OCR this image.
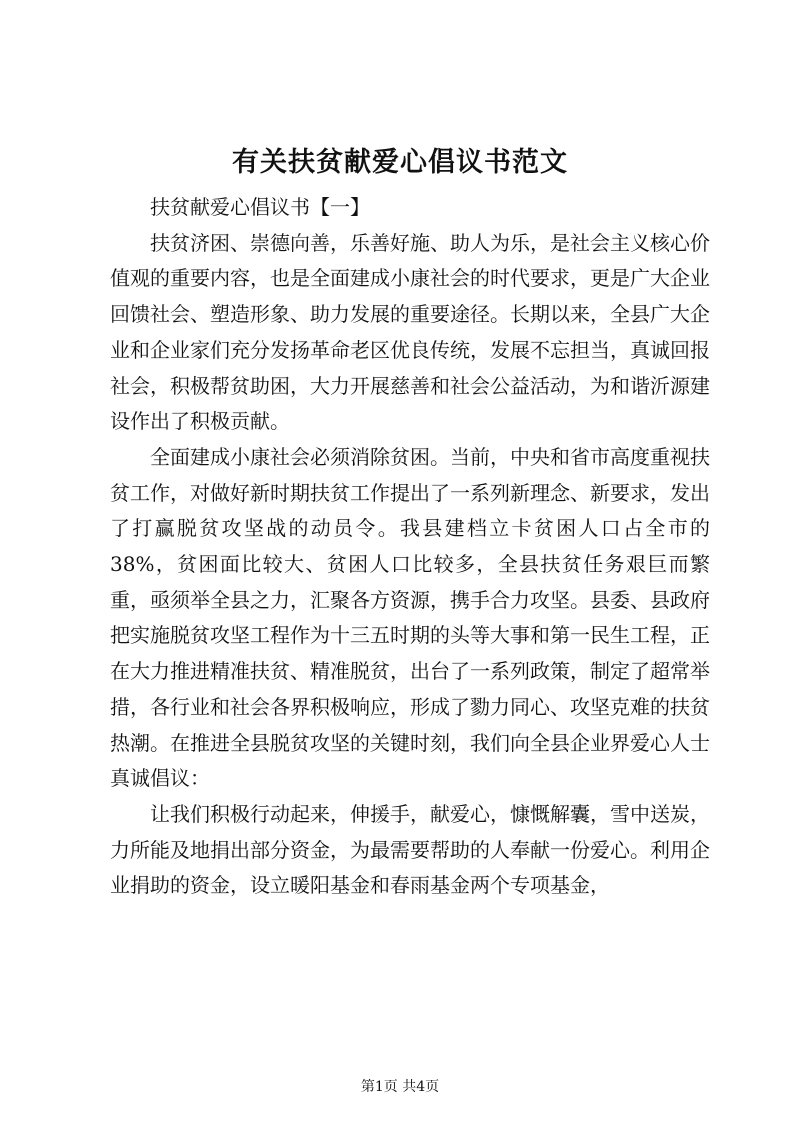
有关扶贫献爱心倡议书范文

扶贫献爱心倡议书【一】

扶贫济困、崇德向善，乐善好施、助人为乐，是社会主义核心价值观的重要内容，也是全面建成小康社会的时代要求，更是广大企业回馈社会、塑造形象、助力发展的重要途径。长期以来，全县广大企业和企业家们充分发扬革命老区优良传统，发展不忘担当，真诚回报社会，积极帮贫助困，大力开展慈善和社会公益活动，为和谐沂源建设作出了积极贡献。

全面建成小康社会必须消除贫困。当前，中央和省市高度重视扶贫工作，对做好新时期扶贫工作提出了一系列新理念、新要求，发出了打赢脱贫攻坚战的动员令。我县建档立卡贫困人口占全市的38%，贫困面比较大、贫困人口比较多，全县扶贫任务艰巨而繁重，亟须举全县之力，汇聚各方资源，携手合力攻坚。县委、县政府把实施脱贫攻坚工程作为十三五时期的头等大事和第一民生工程，正在大力推进精准扶贫、精准脱贫，出台了一系列政策，制定了超常举措，各行业和社会各界积极响应，形成了勠力同心、攻坚克难的扶贫热潮。在推进全县脱贫攻坚的关键时刻，我们向全县企业界爱心人士真诚倡议：

让我们积极行动起来，伸援手，献爱心，慷慨解囊，雪中送炭，力所能及地捐出部分资金，为最需要帮助的人奉献一份爱心。利用企业捐助的资金，设立暖阳基金和春雨基金两个专项基金，

第1页 共4页
